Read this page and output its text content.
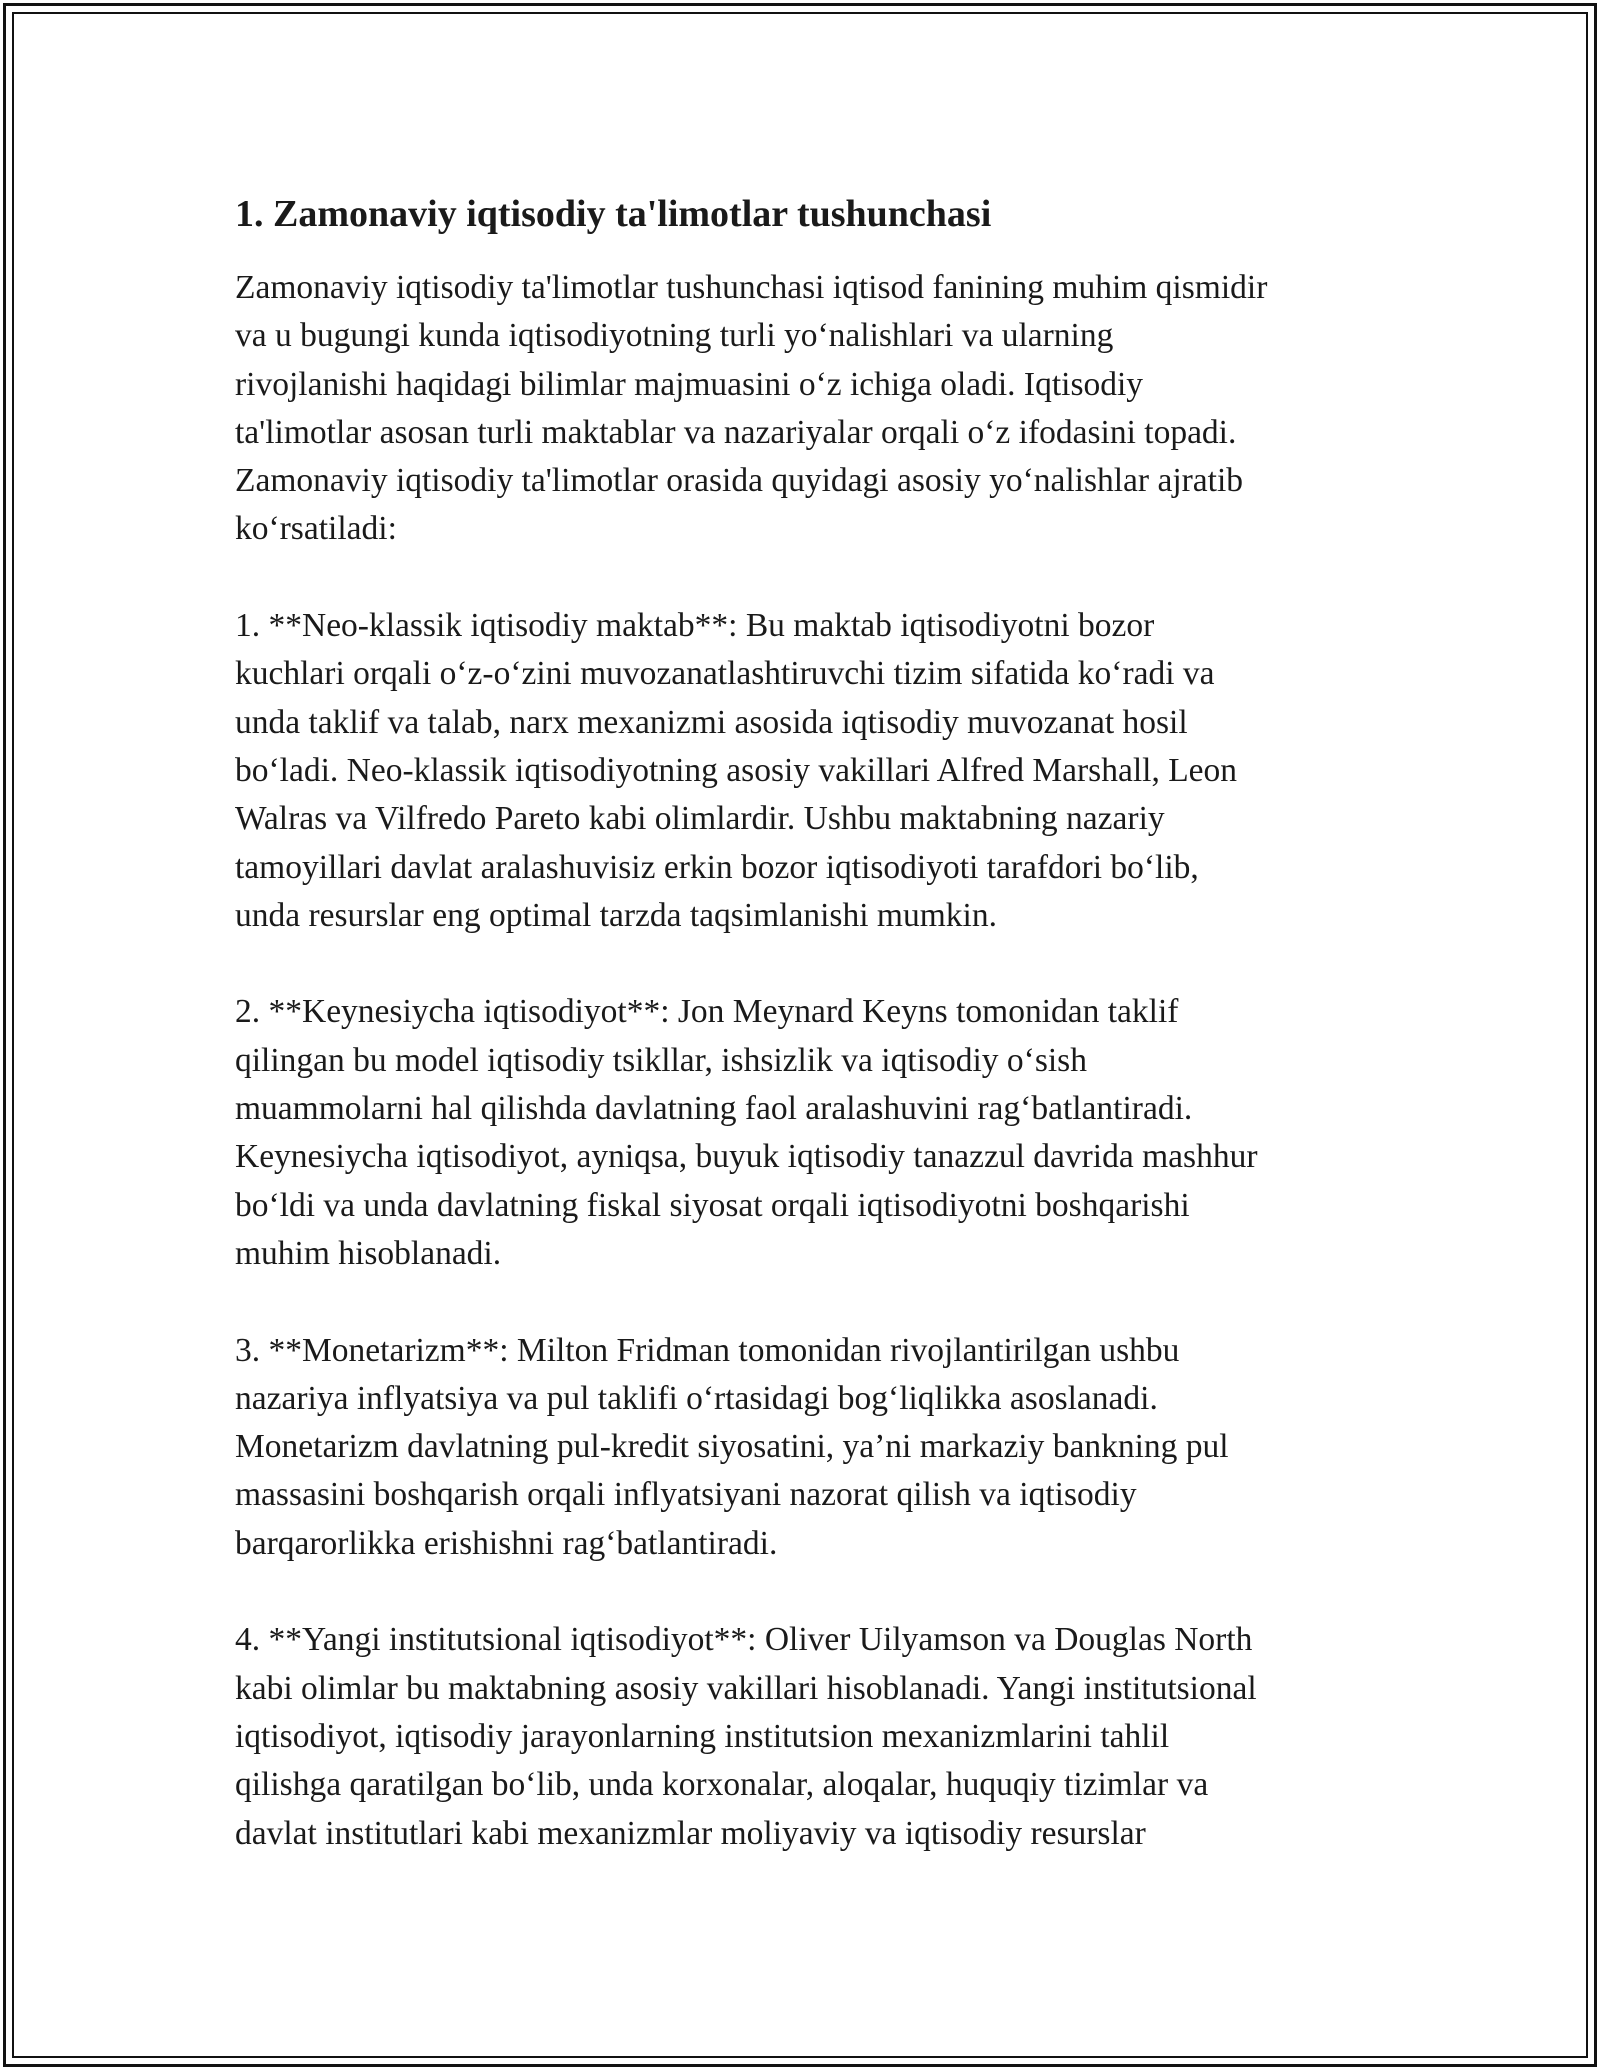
1. Zamonaviy iqtisodiy ta'limotlar tushunchasi

Zamonaviy iqtisodiy ta'limotlar tushunchasi iqtisod fanining muhim qismidir
va u bugungi kunda iqtisodiyotning turli yo‘nalishlari va ularning
rivojlanishi haqidagi bilimlar majmuasini o‘z ichiga oladi. Iqtisodiy
ta'limotlar asosan turli maktablar va nazariyalar orqali o‘z ifodasini topadi.
Zamonaviy iqtisodiy ta'limotlar orasida quyidagi asosiy yo‘nalishlar ajratib
ko‘rsatiladi:

1. **Neo-klassik iqtisodiy maktab**: Bu maktab iqtisodiyotni bozor
kuchlari orqali o‘z-o‘zini muvozanatlashtiruvchi tizim sifatida ko‘radi va
unda taklif va talab, narx mexanizmi asosida iqtisodiy muvozanat hosil
bo‘ladi. Neo-klassik iqtisodiyotning asosiy vakillari Alfred Marshall, Leon
Walras va Vilfredo Pareto kabi olimlardir. Ushbu maktabning nazariy
tamoyillari davlat aralashuvisiz erkin bozor iqtisodiyoti tarafdori bo‘lib,
unda resurslar eng optimal tarzda taqsimlanishi mumkin.

2. **Keynesiycha iqtisodiyot**: Jon Meynard Keyns tomonidan taklif
qilingan bu model iqtisodiy tsikllar, ishsizlik va iqtisodiy o‘sish
muammolarni hal qilishda davlatning faol aralashuvini rag‘batlantiradi.
Keynesiycha iqtisodiyot, ayniqsa, buyuk iqtisodiy tanazzul davrida mashhur
bo‘ldi va unda davlatning fiskal siyosat orqali iqtisodiyotni boshqarishi
muhim hisoblanadi.

3. **Monetarizm**: Milton Fridman tomonidan rivojlantirilgan ushbu
nazariya inflyatsiya va pul taklifi o‘rtasidagi bog‘liqlikka asoslanadi.
Monetarizm davlatning pul-kredit siyosatini, ya’ni markaziy bankning pul
massasini boshqarish orqali inflyatsiyani nazorat qilish va iqtisodiy
barqarorlikka erishishni rag‘batlantiradi.

4. **Yangi institutsional iqtisodiyot**: Oliver Uilyamson va Douglas North
kabi olimlar bu maktabning asosiy vakillari hisoblanadi. Yangi institutsional
iqtisodiyot, iqtisodiy jarayonlarning institutsion mexanizmlarini tahlil
qilishga qaratilgan bo‘lib, unda korxonalar, aloqalar, huquqiy tizimlar va
davlat institutlari kabi mexanizmlar moliyaviy va iqtisodiy resurslar
